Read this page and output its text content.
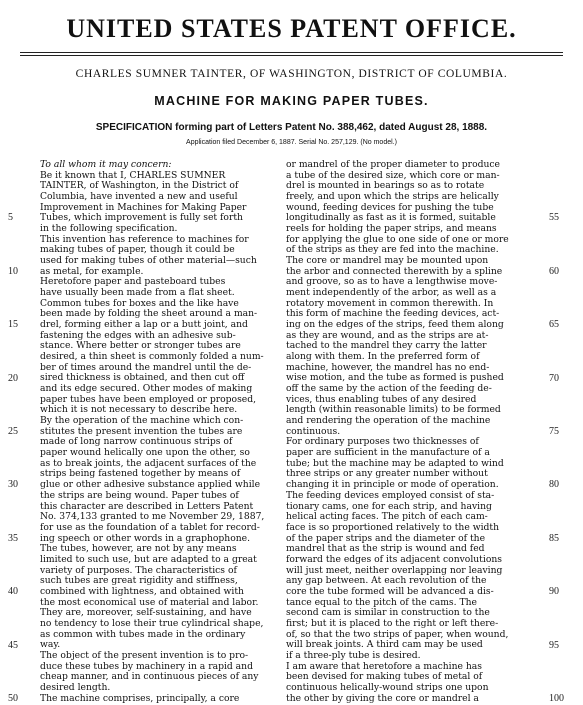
UNITED STATES PATENT OFFICE.
CHARLES SUMNER TAINTER, OF WASHINGTON, DISTRICT OF COLUMBIA.
MACHINE FOR MAKING PAPER TUBES.
SPECIFICATION forming part of Letters Patent No. 388,462, dated August 28, 1888.
Application filed December 6, 1887. Serial No. 257,129. (No model.)
To all whom it may concern:
Be it known that I, CHARLES SUMNER
TAINTER, of Washington, in the District of
Columbia, have invented a new and useful
Improvement in Machines for Making Paper
Tubes, which improvement is fully set forth
in the following specification.
This invention has reference to machines for
making tubes of paper, though it could be
used for making tubes of other material—such
as metal, for example.
Heretofore paper and pasteboard tubes
have usually been made from a flat sheet.
Common tubes for boxes and the like have
been made by folding the sheet around a man-
drel, forming either a lap or a butt joint, and
fastening the edges with an adhesive sub-
stance. Where better or stronger tubes are
desired, a thin sheet is commonly folded a num-
ber of times around the mandrel until the de-
sired thickness is obtained, and then cut off
and its edge secured. Other modes of making
paper tubes have been employed or proposed,
which it is not necessary to describe here.
By the operation of the machine which con-
stitutes the present invention the tubes are
made of long narrow continuous strips of
paper wound helically one upon the other, so
as to break joints, the adjacent surfaces of the
strips being fastened together by means of
glue or other adhesive substance applied while
the strips are being wound. Paper tubes of
this character are described in Letters Patent
No. 374,133 granted to me November 29, 1887,
for use as the foundation of a tablet for record-
ing speech or other words in a graphophone.
The tubes, however, are not by any means
limited to such use, but are adapted to a great
variety of purposes. The characteristics of
such tubes are great rigidity and stiffness,
combined with lightness, and obtained with
the most economical use of material and labor.
They are, moreover, self-sustaining, and have
no tendency to lose their true cylindrical shape,
as common with tubes made in the ordinary
way.
The object of the present invention is to pro-
duce these tubes by machinery in a rapid and
cheap manner, and in continuous pieces of any
desired length.
The machine comprises, principally, a core
or mandrel of the proper diameter to produce
a tube of the desired size, which core or man-
drel is mounted in bearings so as to rotate
freely, and upon which the strips are helically
wound, feeding devices for pushing the tube
longitudinally as fast as it is formed, suitable
reels for holding the paper strips, and means
for applying the glue to one side of one or more
of the strips as they are fed into the machine.
The core or mandrel may be mounted upon
the arbor and connected therewith by a spline
and groove, so as to have a lengthwise move-
ment independently of the arbor, as well as a
rotatory movement in common therewith. In
this form of machine the feeding devices, act-
ing on the edges of the strips, feed them along
as they are wound, and as the strips are at-
tached to the mandrel they carry the latter
along with them. In the preferred form of
machine, however, the mandrel has no end-
wise motion, and the tube as formed is pushed
off the same by the action of the feeding de-
vices, thus enabling tubes of any desired
length (within reasonable limits) to be formed
and rendering the operation of the machine
continuous.
For ordinary purposes two thicknesses of
paper are sufficient in the manufacture of a
tube; but the machine may be adapted to wind
three strips or any greater number without
changing it in principle or mode of operation.
The feeding devices employed consist of sta-
tionary cams, one for each strip, and having
helical acting faces. The pitch of each cam-
face is so proportioned relatively to the width
of the paper strips and the diameter of the
mandrel that as the strip is wound and fed
forward the edges of its adjacent convolutions
will just meet, neither overlapping nor leaving
any gap between. At each revolution of the
core the tube formed will be advanced a dis-
tance equal to the pitch of the cams. The
second cam is similar in construction to the
first; but it is placed to the right or left there-
of, so that the two strips of paper, when wound,
will break joints. A third cam may be used
if a three-ply tube is desired.
I am aware that heretofore a machine has
been devised for making tubes of metal of
continuous helically-wound strips one upon
the other by giving the core or mandrel a
5
10
15
20
25
30
35
40
45
50
55
60
65
70
75
80
85
90
95
100
